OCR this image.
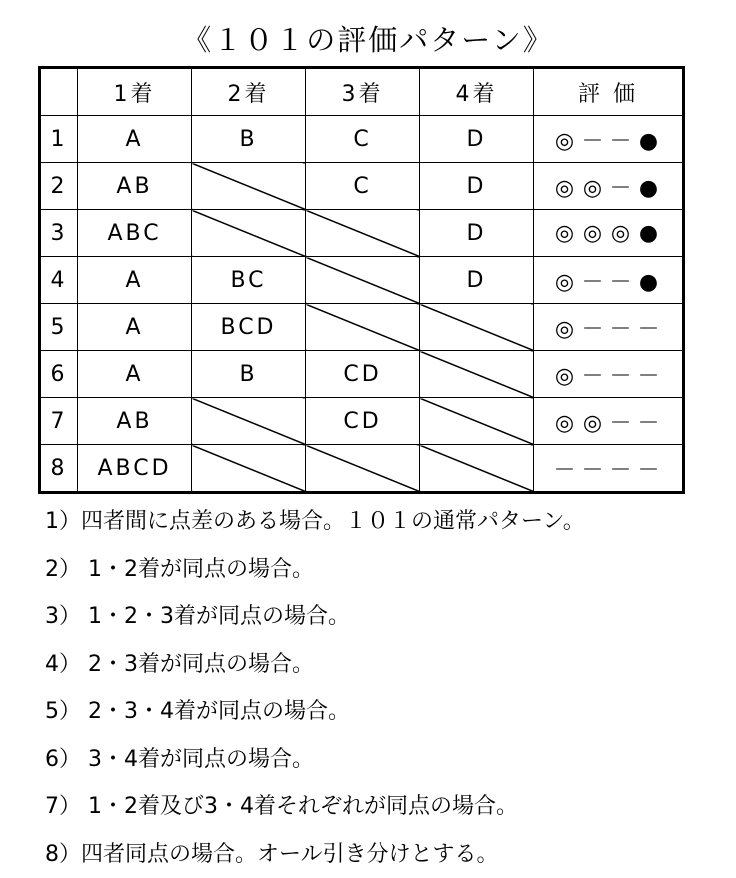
《１０１の評価パターン》
	1着	2着	3着	4着	評 価
1	A	B	C	D	◎ － － ●
2	AB		C	D	◎ ◎ － ●
3	ABC			D	◎ ◎ ◎ ●
4	A	BC		D	◎ － － ●
5	A	BCD			◎ － － －
6	A	B	CD		◎ － － －
7	AB		CD		◎ ◎ － －
8	ABCD				－ － － －
1）四者間に点差のある場合。１０１の通常パターン。
2） 1・2着が同点の場合。
3） 1・2・3着が同点の場合。
4） 2・3着が同点の場合。
5） 2・3・4着が同点の場合。
6） 3・4着が同点の場合。
7） 1・2着及び3・4着それぞれが同点の場合。
8）四者同点の場合。オール引き分けとする。
